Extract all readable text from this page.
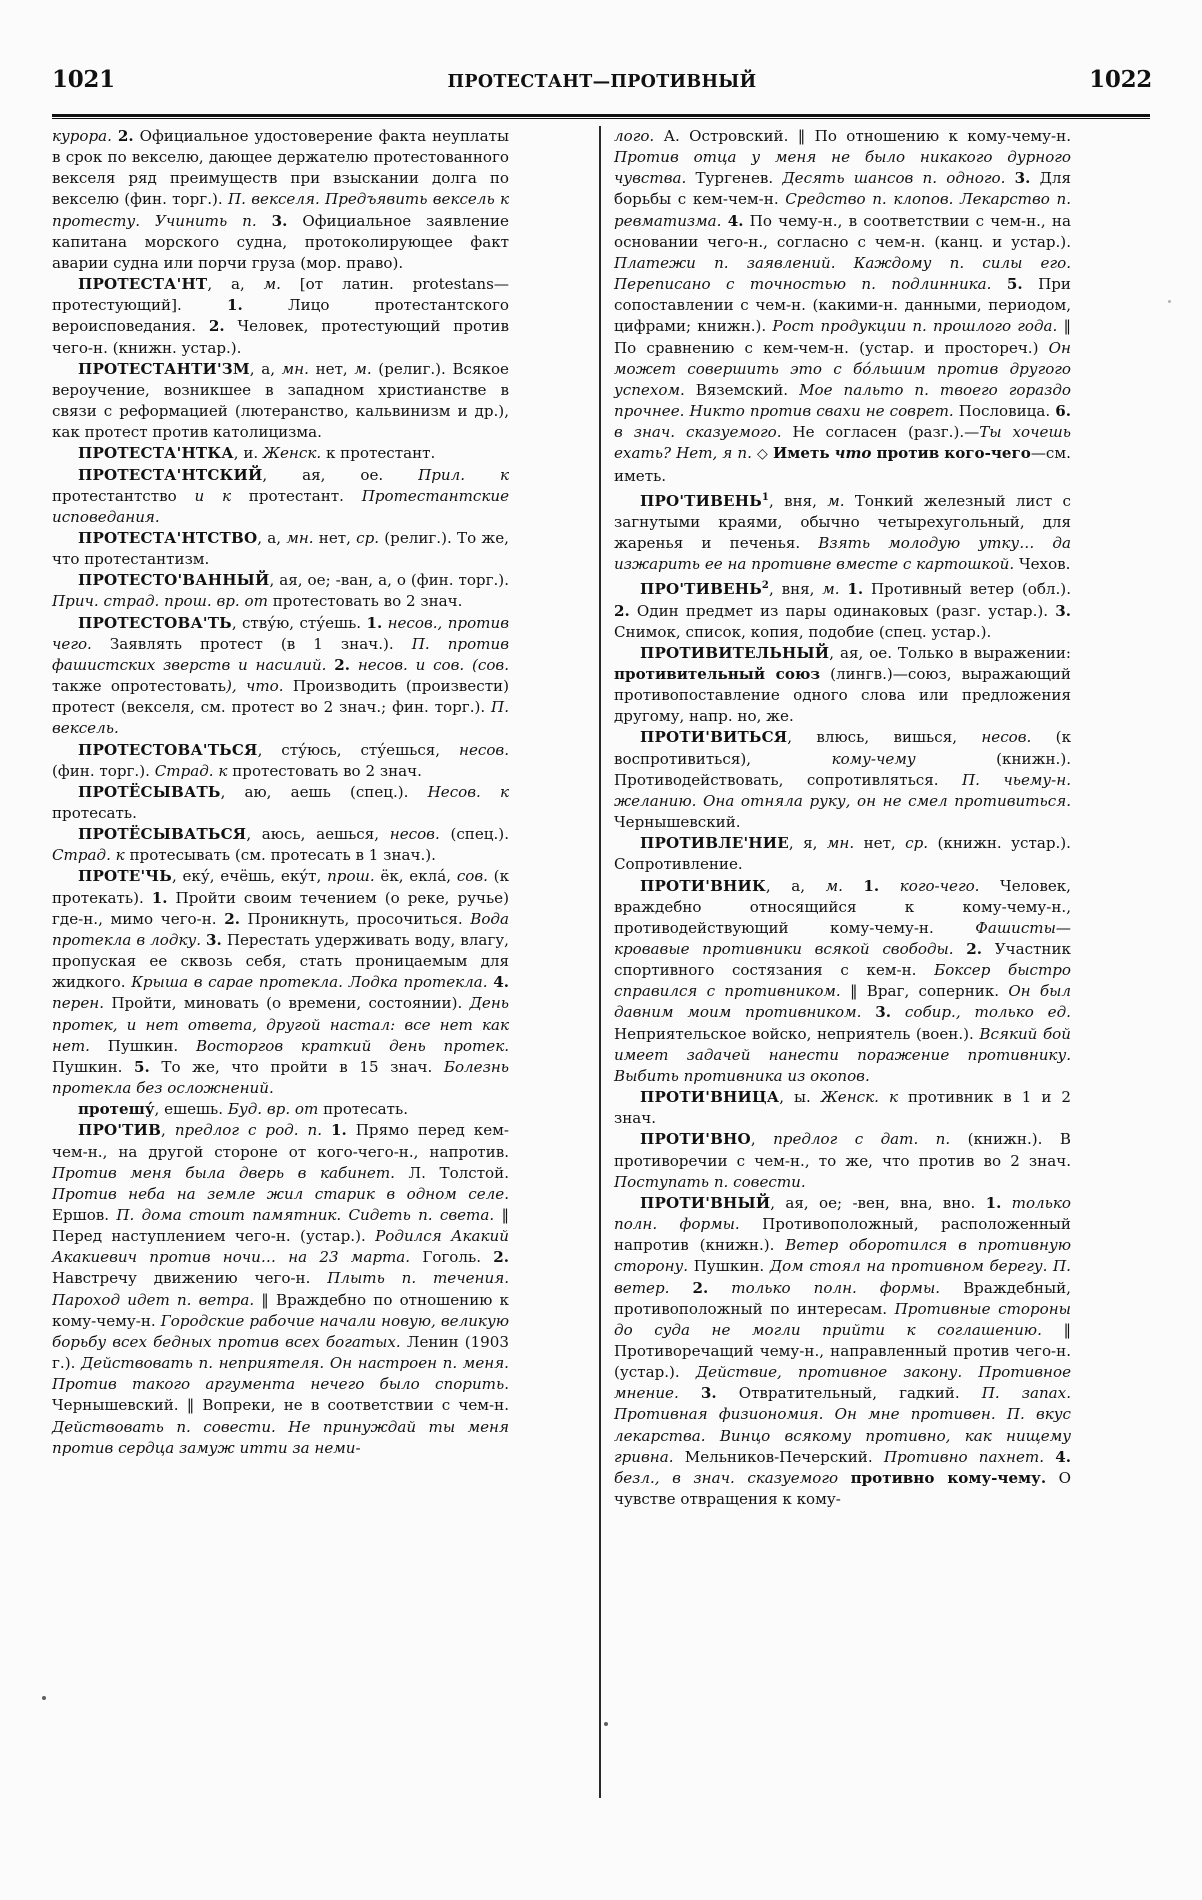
1021	ПРОТЕСТАНТ—ПРОТИВНЫЙ	1022

курора. 2. Официальное удостоверение факта неуплаты в срок по векселю, дающее держателю протестованного векселя ряд преимуществ при взыскании долга по векселю (фин. торг.). П. векселя. Предъявить вексель к протесту. Учинить п. 3. Официальное заявление капитана морского судна, протоколирующее факт аварии судна или порчи груза (мор. право).

ПРОТЕСТА'НТ, а, м. [от латин. protestans—протестующий]. 1. Лицо протестантского вероисповедания. 2. Человек, протестующий против чего-н. (книжн. устар.).

ПРОТЕСТАНТИ'ЗМ, а, мн. нет, м. (религ.). Всякое вероучение, возникшее в западном христианстве в связи с реформацией (лютеранство, кальвинизм и др.), как протест против католицизма.

ПРОТЕСТА'НТКА, и. Женск. к протестант.

ПРОТЕСТА'НТСКИЙ, ая, ое. Прил. к протестантство и к протестант. Протестантские исповедания.

ПРОТЕСТА'НТСТВО, а, мн. нет, ср. (религ.). То же, что протестантизм.

ПРОТЕСТО'ВАННЫЙ, ая, ое; -ван, а, о (фин. торг.). Прич. страд. прош. вр. от протестовать во 2 знач.

ПРОТЕСТОВА'ТЬ, ству́ю, сту́ешь. 1. несов., против чего. Заявлять протест (в 1 знач.). П. против фашистских зверств и насилий. 2. несов. и сов. (сов. также опротестовать), что. Производить (произвести) протест (векселя, см. протест во 2 знач.; фин. торг.). П. вексель.

ПРОТЕСТОВА'ТЬСЯ, сту́юсь, сту́ешься, несов. (фин. торг.). Страд. к протестовать во 2 знач.

ПРОТЁСЫВАТЬ, аю, аешь (спец.). Несов. к протесать.

ПРОТЁСЫВАТЬСЯ, аюсь, аешься, несов. (спец.). Страд. к протесывать (см. протесать в 1 знач.).

ПРОТЕ'ЧЬ, еку́, ечёшь, еку́т, прош. ёк, екла́, сов. (к протекать). 1. Пройти своим течением (о реке, ручье) где-н., мимо чего-н. 2. Проникнуть, просочиться. Вода протекла в лодку. 3. Перестать удерживать воду, влагу, пропуская ее сквозь себя, стать проницаемым для жидкого. Крыша в сарае протекла. Лодка протекла. 4. перен. Пройти, миновать (о времени, состоянии). День протек, и нет ответа, другой настал: все нет как нет. Пушкин. Восторгов краткий день протек. Пушкин. 5. То же, что пройти в 15 знач. Болезнь протекла без осложнений.

протешу́, ешешь. Буд. вр. от протесать.

ПРО'ТИВ, предлог с род. п. 1. Прямо перед кем-чем-н., на другой стороне от кого-чего-н., напротив. Против меня была дверь в кабинет. Л. Толстой. Против неба на земле жил старик в одном селе. Ершов. П. дома стоит памятник. Сидеть п. света. ‖ Перед наступлением чего-н. (устар.). Родился Акакий Акакиевич против ночи… на 23 марта. Гоголь. 2. Навстречу движению чего-н. Плыть п. течения. Пароход идет п. ветра. ‖ Враждебно по отношению к кому-чему-н. Городские рабочие начали новую, великую борьбу всех бедных против всех богатых. Ленин (1903 г.). Действовать п. неприятеля. Он настроен п. меня. Против такого аргумента нечего было спорить. Чернышевский. ‖ Вопреки, не в соответствии с чем-н. Действовать п. совести. Не принуждай ты меня против сердца замуж итти за неми-

лого. А. Островский. ‖ По отношению к кому-чему-н. Против отца у меня не было никакого дурного чувства. Тургенев. Десять шансов п. одного. 3. Для борьбы с кем-чем-н. Средство п. клопов. Лекарство п. ревматизма. 4. По чему-н., в соответствии с чем-н., на основании чего-н., согласно с чем-н. (канц. и устар.). Платежи п. заявлений. Каждому п. силы его. Переписано с точностью п. подлинника. 5. При сопоставлении с чем-н. (какими-н. данными, периодом, цифрами; книжн.). Рост продукции п. прошлого года. ‖ По сравнению с кем-чем-н. (устар. и простореч.) Он может совершить это с бо́льшим против другого успехом. Вяземский. Мое пальто п. твоего гораздо прочнее. Никто против свахи не соврет. Пословица. 6. в знач. сказуемого. Не согласен (разг.).—Ты хочешь ехать? Нет, я п. ◇ Иметь что против кого-чего—см. иметь.

ПРО'ТИВЕНЬ$^1$, вня, м. Тонкий железный лист с загнутыми краями, обычно четырехугольный, для жаренья и печенья. Взять молодую утку… да изжарить ее на противне вместе с картошкой. Чехов.

ПРО'ТИВЕНЬ$^2$, вня, м. 1. Противный ветер (обл.). 2. Один предмет из пары одинаковых (разг. устар.). 3. Снимок, список, копия, подобие (спец. устар.).

ПРОТИВИТЕЛЬНЫЙ, ая, ое. Только в выражении: противительный союз (лингв.)—союз, выражающий противопоставление одного слова или предложения другому, напр. но, же.

ПРОТИ'ВИТЬСЯ, влюсь, вишься, несов. (к воспротивиться), кому-чему (книжн.). Противодействовать, сопротивляться. П. чьему-н. желанию. Она отняла руку, он не смел противиться. Чернышевский.

ПРОТИВЛЕ'НИЕ, я, мн. нет, ср. (книжн. устар.). Сопротивление.

ПРОТИ'ВНИК, а, м. 1. кого-чего. Человек, враждебно относящийся к кому-чему-н., противодействующий кому-чему-н. Фашисты—кровавые противники всякой свободы. 2. Участник спортивного состязания с кем-н. Боксер быстро справился с противником. ‖ Враг, соперник. Он был давним моим противником. 3. собир., только ед. Неприятельское войско, неприятель (воен.). Всякий бой имеет задачей нанести поражение противнику. Выбить противника из окопов.

ПРОТИ'ВНИЦА, ы. Женск. к противник в 1 и 2 знач.

ПРОТИ'ВНО, предлог с дат. п. (книжн.). В противоречии с чем-н., то же, что против во 2 знач. Поступать п. совести.

ПРОТИ'ВНЫЙ, ая, ое; -вен, вна, вно. 1. только полн. формы. Противоположный, расположенный напротив (книжн.). Ветер оборотился в противную сторону. Пушкин. Дом стоял на противном берегу. П. ветер. 2. только полн. формы. Враждебный, противоположный по интересам. Противные стороны до суда не могли прийти к соглашению. ‖ Противоречащий чему-н., направленный против чего-н. (устар.). Действие, противное закону. Противное мнение. 3. Отвратительный, гадкий. П. запах. Противная физиономия. Он мне противен. П. вкус лекарства. Винцо всякому противно, как нищему гривна. Мельников-Печерский. Противно пахнет. 4. безл., в знач. сказуемого противно кому-чему. О чувстве отвращения к кому-
